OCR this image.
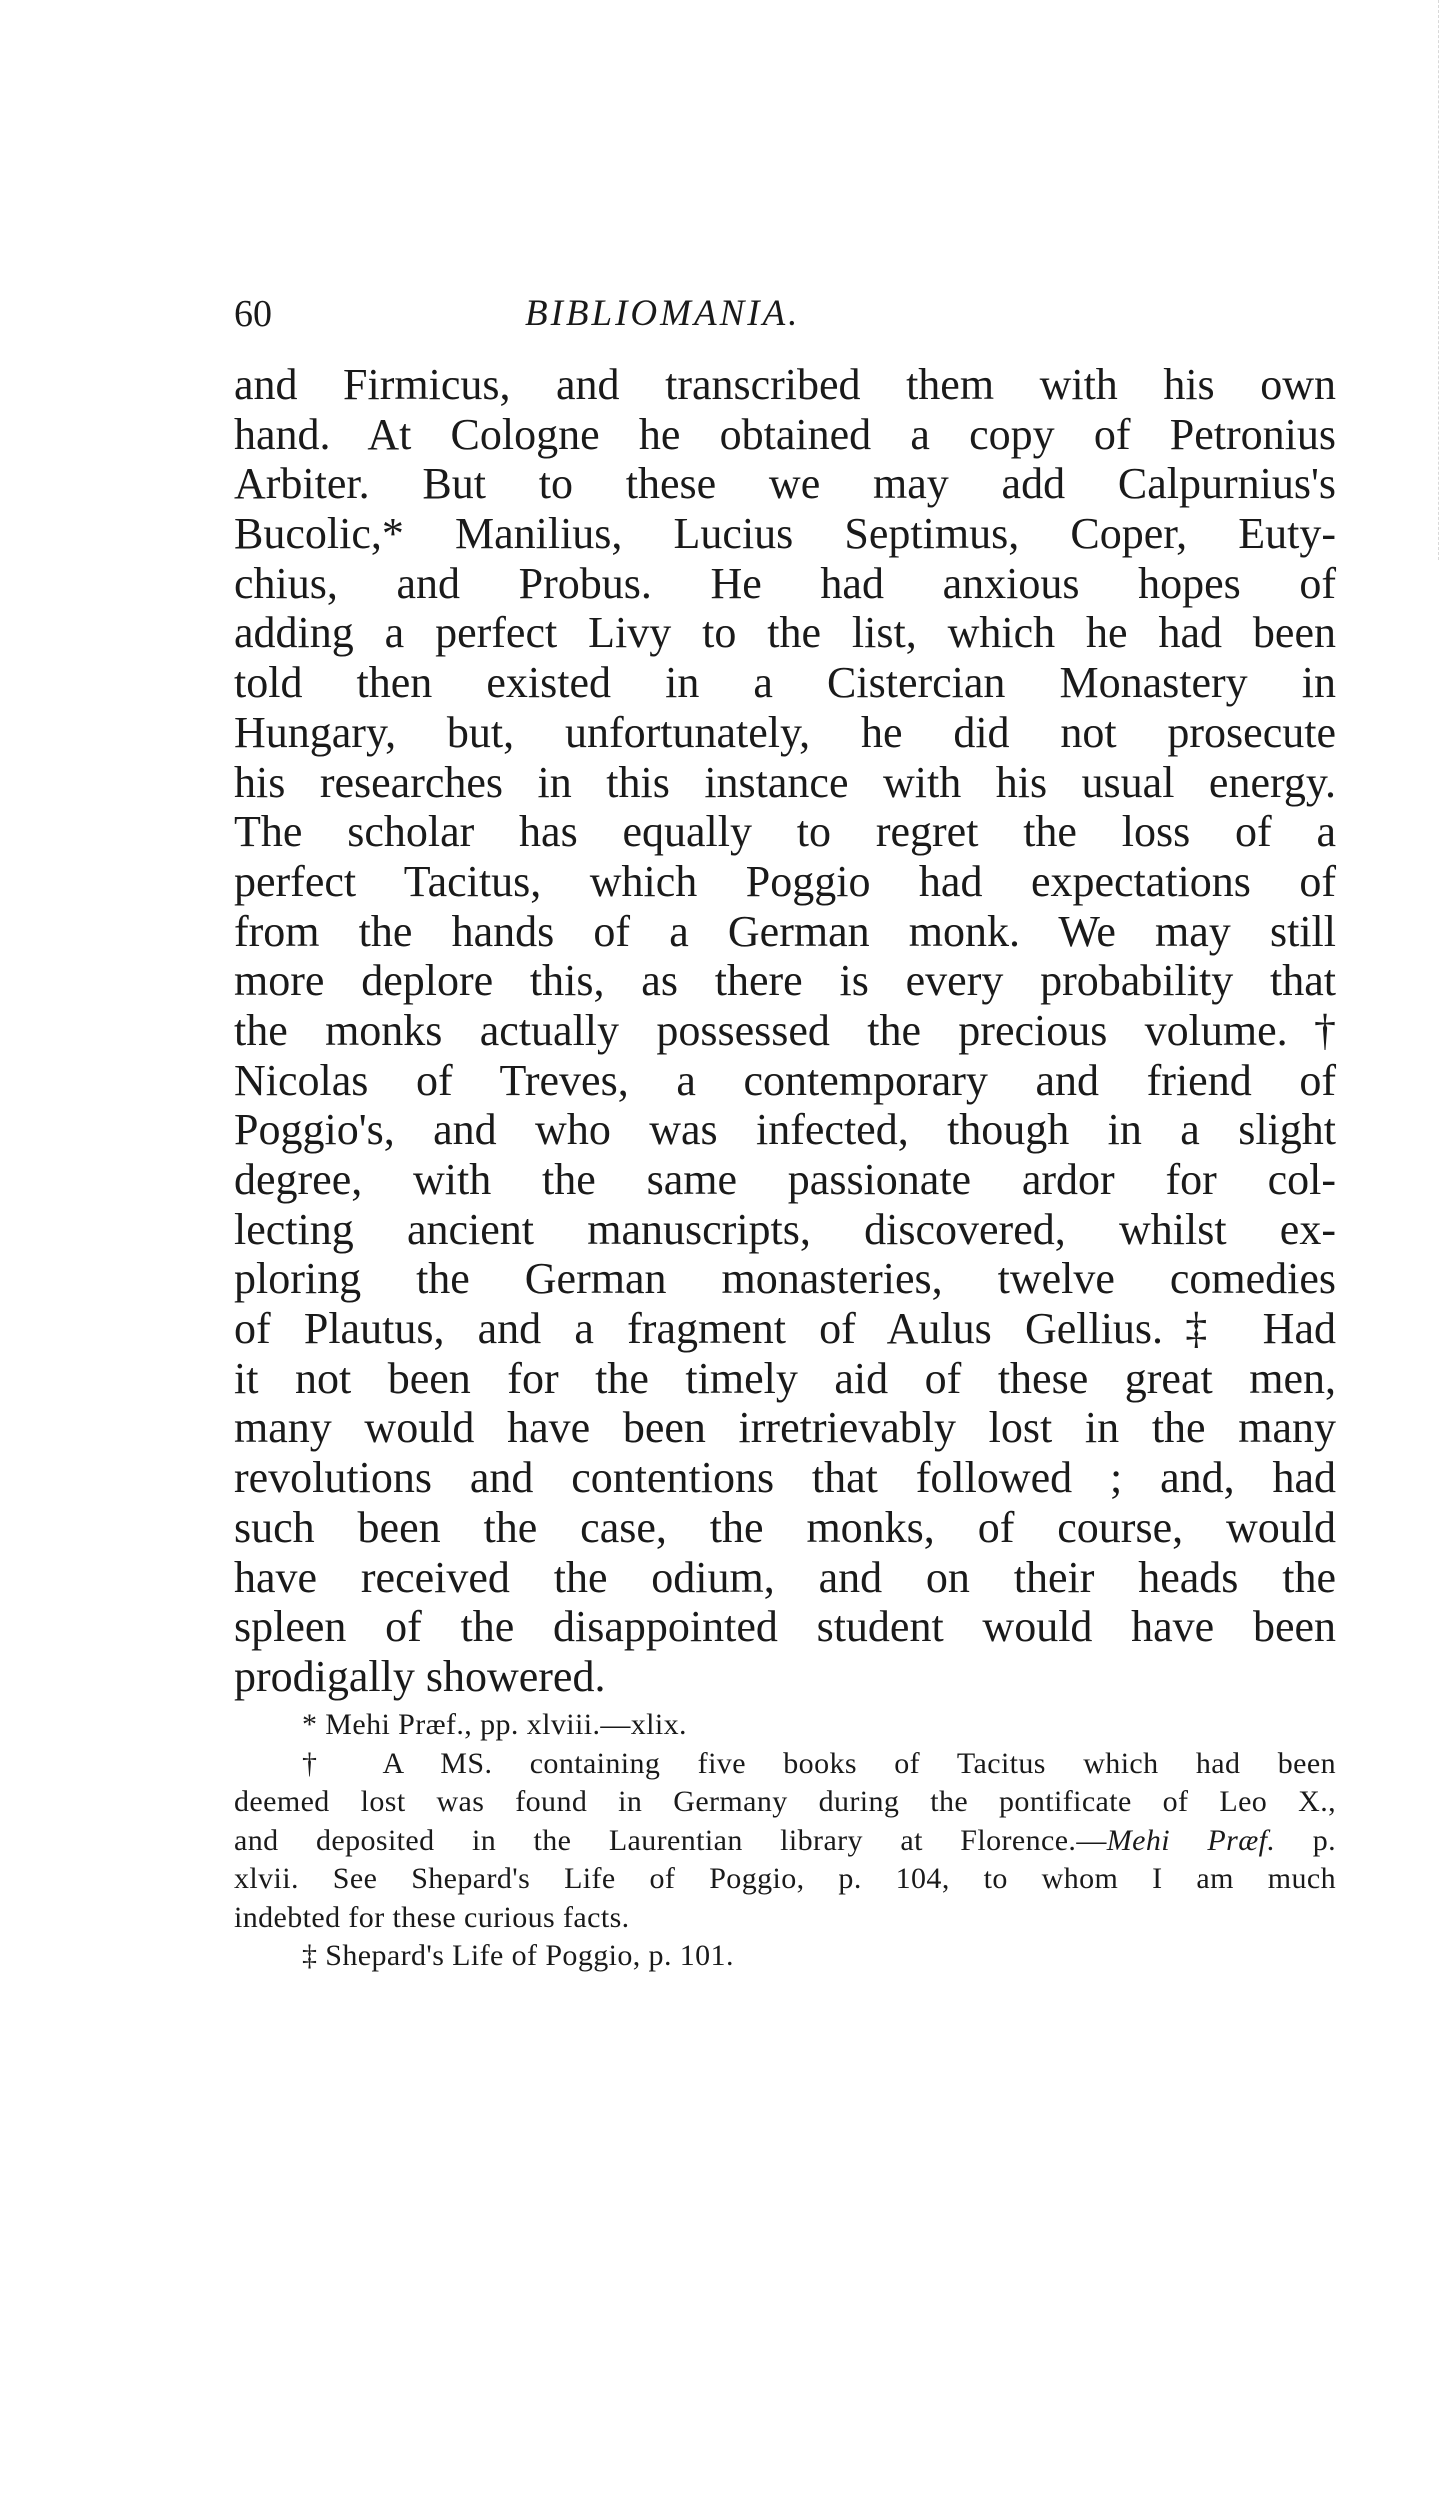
60	BIBLIOMANIA.
and Firmicus, and transcribed them with his own
hand. At Cologne he obtained a copy of Petronius
Arbiter. But to these we may add Calpurnius's
Bucolic,* Manilius, Lucius Septimus, Coper, Euty-
chius, and Probus. He had anxious hopes of
adding a perfect Livy to the list, which he had been
told then existed in a Cistercian Monastery in
Hungary, but, unfortunately, he did not prosecute
his researches in this instance with his usual energy.
The scholar has equally to regret the loss of a
perfect Tacitus, which Poggio had expectations of
from the hands of a German monk. We may still
more deplore this, as there is every probability that
the monks actually possessed the precious volume.†
Nicolas of Treves, a contemporary and friend of
Poggio's, and who was infected, though in a slight
degree, with the same passionate ardor for col-
lecting ancient manuscripts, discovered, whilst ex-
ploring the German monasteries, twelve comedies
of Plautus, and a fragment of Aulus Gellius.‡ Had
it not been for the timely aid of these great men,
many would have been irretrievably lost in the many
revolutions and contentions that followed ; and, had
such been the case, the monks, of course, would
have received the odium, and on their heads the
spleen of the disappointed student would have been
prodigally showered.
* Mehi Præf., pp. xlviii.—xlix.
† A MS. containing five books of Tacitus which had been
deemed lost was found in Germany during the pontificate of Leo X.,
and deposited in the Laurentian library at Florence.—Mehi Præf. p.
xlvii. See Shepard's Life of Poggio, p. 104, to whom I am much
indebted for these curious facts.
‡ Shepard's Life of Poggio, p. 101.
